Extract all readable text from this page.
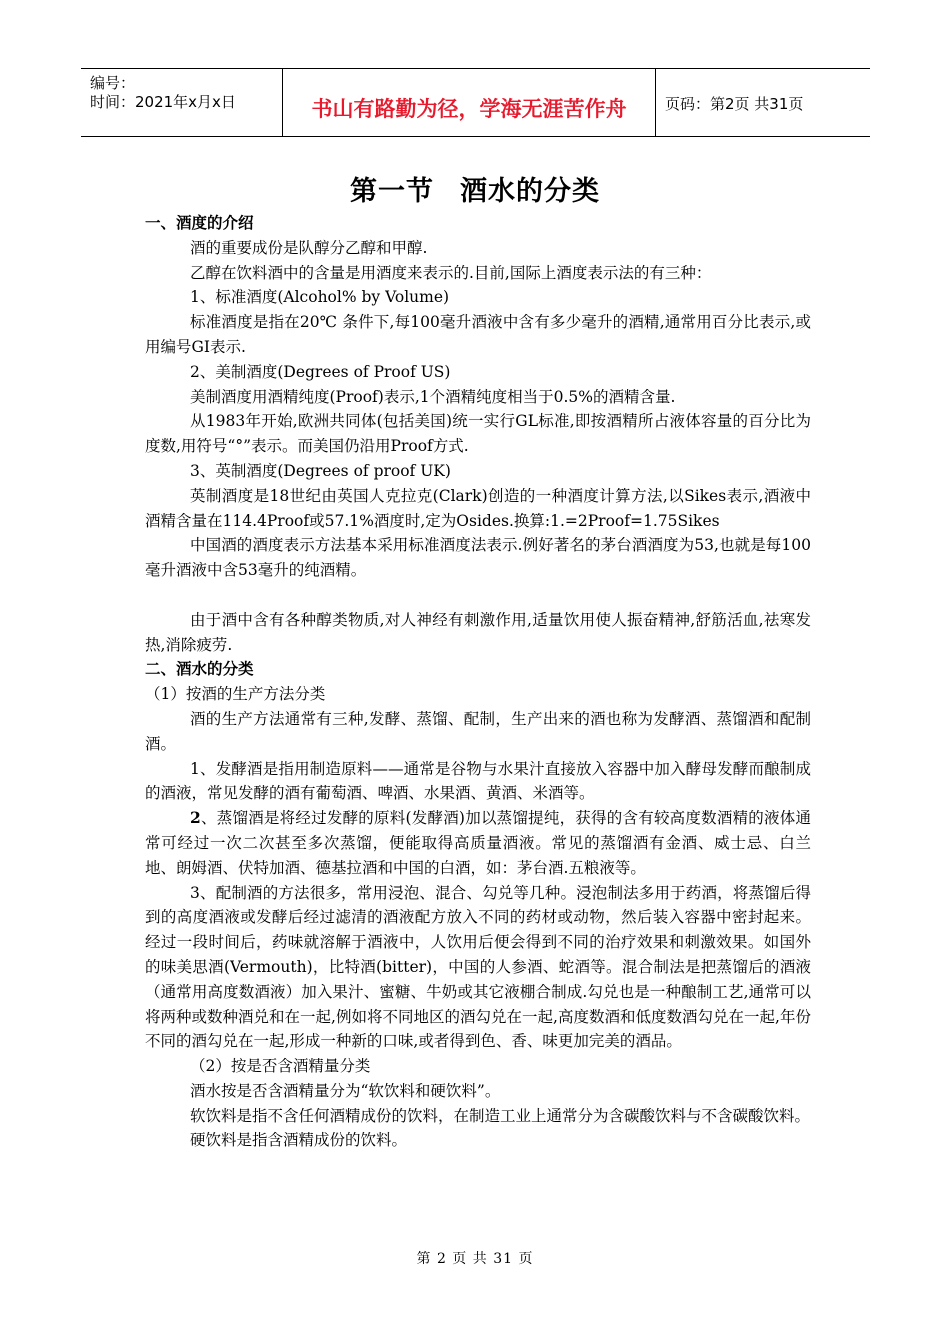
编号：
时间：2021年x月x日	书山有路勤为径，学海无涯苦作舟	页码：第2页 共31页
第一节 酒水的分类

一、酒度的介绍

酒的重要成份是队醇分乙醇和甲醇.

乙醇在饮料酒中的含量是用酒度来表示的.目前,国际上酒度表示法的有三种：

1、标准酒度(Alcohol% by Volume)

标准酒度是指在20℃ 条件下,每100毫升酒液中含有多少毫升的酒精,通常用百分比表示,或用编号GI表示.

2、美制酒度(Degrees of Proof US)

美制酒度用酒精纯度(Proof)表示,1个酒精纯度相当于0.5%的酒精含量.

从1983年开始,欧洲共同体(包括美国)统一实行GL标准,即按酒精所占液体容量的百分比为度数,用符号“°”表示。而美国仍沿用Proof方式.

3、英制酒度(Degrees of proof UK)

英制酒度是18世纪由英国人克拉克(Clark)创造的一种酒度计算方法,以Sikes表示,酒液中酒精含量在114.4Proof或57.1%酒度时,定为Osides.换算:1.=2Proof=1.75Sikes

中国酒的酒度表示方法基本采用标准酒度法表示.例好著名的茅台酒酒度为53,也就是每100毫升酒液中含53毫升的纯酒精。

由于酒中含有各种醇类物质,对人神经有刺激作用,适量饮用使人振奋精神,舒筋活血,祛寒发热,消除疲劳.

二、酒水的分类

（1）按酒的生产方法分类

酒的生产方法通常有三种,发酵、蒸馏、配制，生产出来的酒也称为发酵酒、蒸馏酒和配制酒。

1、发酵酒是指用制造原料——通常是谷物与水果汁直接放入容器中加入酵母发酵而酿制成的酒液，常见发酵的酒有葡萄酒、啤酒、水果酒、黄酒、米酒等。

2、蒸馏酒是将经过发酵的原料(发酵酒)加以蒸馏提纯，获得的含有较高度数酒精的液体通常可经过一次二次甚至多次蒸馏，便能取得高质量酒液。常见的蒸馏酒有金酒、威士忌、白兰地、朗姆酒、伏特加酒、德基拉酒和中国的白酒，如：茅台酒.五粮液等。

3、配制酒的方法很多，常用浸泡、混合、勾兑等几种。浸泡制法多用于药酒，将蒸馏后得到的高度酒液或发酵后经过滤清的酒液配方放入不同的药材或动物，然后装入容器中密封起来。经过一段时间后，药味就溶解于酒液中，人饮用后便会得到不同的治疗效果和刺激效果。如国外的味美思酒(Vermouth)，比特酒(bitter)，中国的人参酒、蛇酒等。混合制法是把蒸馏后的酒液（通常用高度数酒液）加入果汁、蜜糖、牛奶或其它液棚合制成.勾兑也是一种酿制工艺,通常可以将两种或数种酒兑和在一起,例如将不同地区的酒勾兑在一起,高度数酒和低度数酒勾兑在一起,年份不同的酒勾兑在一起,形成一种新的口味,或者得到色、香、味更加完美的酒品。

（2）按是否含酒精量分类

酒水按是否含酒精量分为“软饮料和硬饮料”。

软饮料是指不含任何酒精成份的饮料，在制造工业上通常分为含碳酸饮料与不含碳酸饮料。

硬饮料是指含酒精成份的饮料。

第 2 页 共 31 页
